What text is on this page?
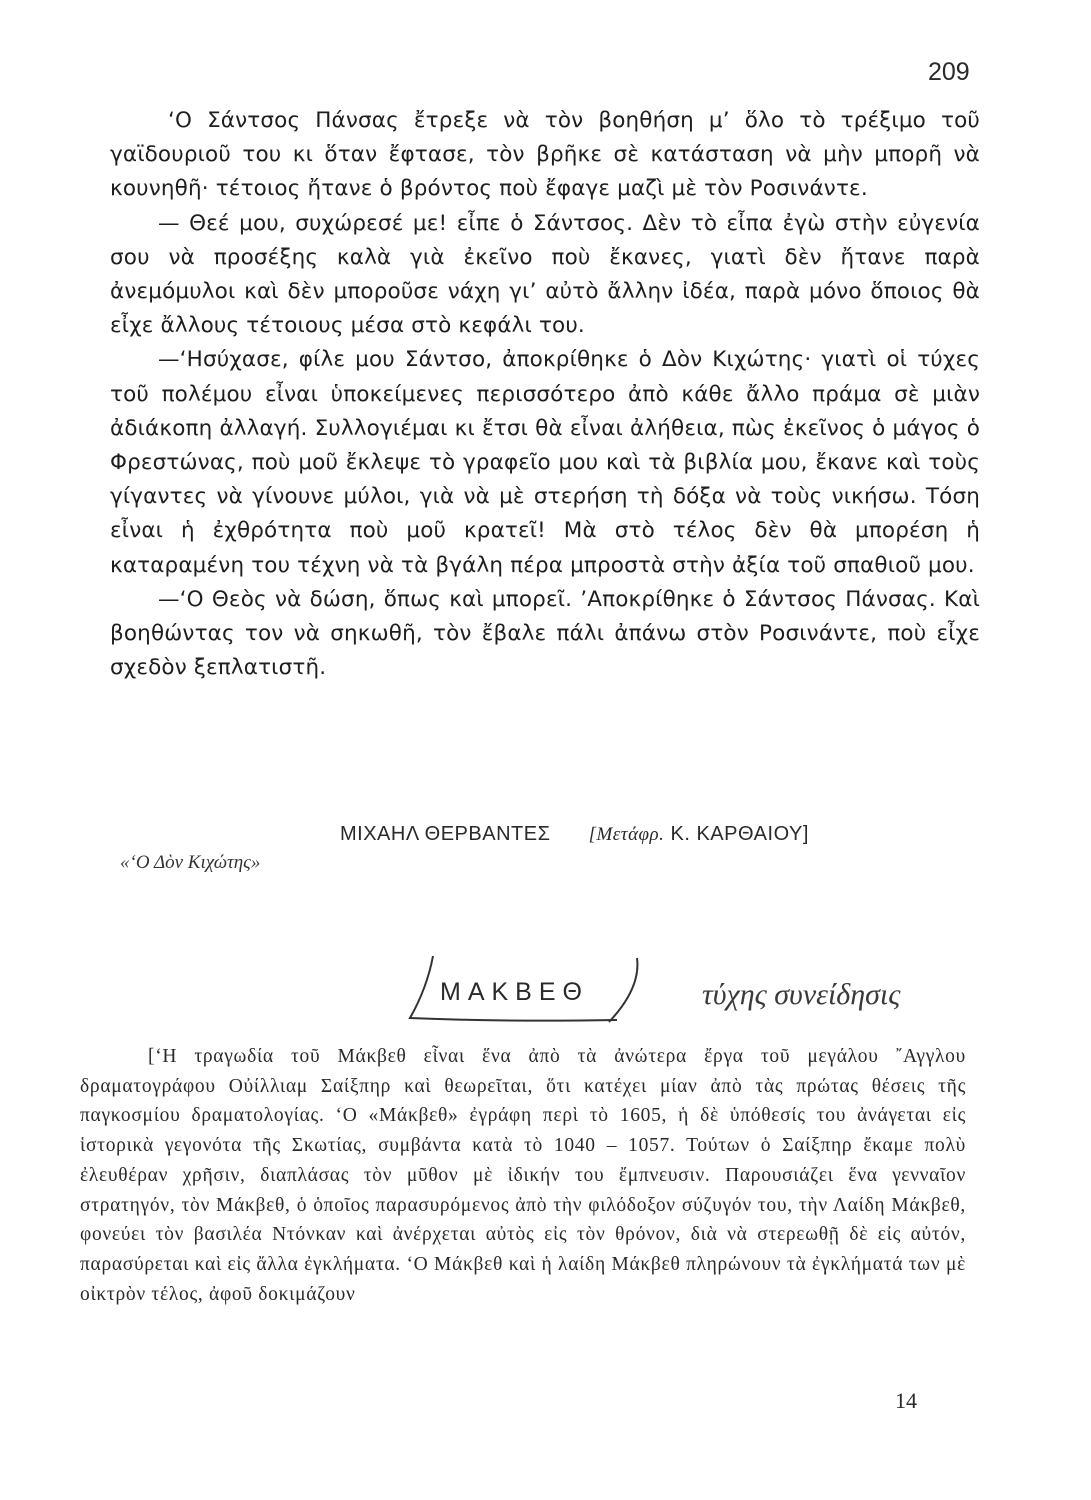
209

‘Ο Σάντσος Πάνσας ἔτρεξε νὰ τὸν βοηθήση μ’ ὅλο τὸ τρέξιμο τοῦ γαϊδουριοῦ του κι ὅταν ἔφτασε, τὸν βρῆκε σὲ κατάσταση νὰ μὴν μπορῆ νὰ κουνηθῆ· τέτοιος ἤτανε ὁ βρόντος ποὺ ἔφαγε μαζὶ μὲ τὸν Ροσινάντε.

— Θεέ μου, συχώρεσέ με! εἶπε ὁ Σάντσος. Δὲν τὸ εἶπα ἐγὼ στὴν εὐγενία σου νὰ προσέξης καλὰ γιὰ ἐκεῖνο ποὺ ἔκανες, γιατὶ δὲν ἤτανε παρὰ ἀνεμόμυλοι καὶ δὲν μποροῦσε νάχη γι’ αὐτὸ ἄλλην ἰδέα, παρὰ μόνο ὅποιος θὰ εἶχε ἄλλους τέτοιους μέσα στὸ κεφάλι του.

—‘Ησύχασε, φίλε μου Σάντσο, ἀποκρίθηκε ὁ Δὸν Κιχώτης· γιατὶ οἱ τύχες τοῦ πολέμου εἶναι ὑποκείμενες περισσότερο ἀπὸ κάθε ἄλλο πράμα σὲ μιὰν ἀδιάκοπη ἀλλαγή. Συλλογιέμαι κι ἔτσι θὰ εἶναι ἀλήθεια, πὼς ἐκεῖνος ὁ μάγος ὁ Φρεστώνας, ποὺ μοῦ ἔκλεψε τὸ γραφεῖο μου καὶ τὰ βιβλία μου, ἔκανε καὶ τοὺς γίγαντες νὰ γίνουνε μύλοι, γιὰ νὰ μὲ στερήση τὴ δόξα νὰ τοὺς νικήσω. Τόση εἶναι ἡ ἐχθρότητα ποὺ μοῦ κρατεῖ! Μὰ στὸ τέλος δὲν θὰ μπορέση ἡ καταραμένη του τέχνη νὰ τὰ βγάλη πέρα μπροστὰ στὴν ἀξία τοῦ σπαθιοῦ μου.

—‘Ο Θεὸς νὰ δώση, ὅπως καὶ μπορεῖ. ’Αποκρίθηκε ὁ Σάντσος Πάνσας. Καὶ βοηθώντας τον νὰ σηκωθῆ, τὸν ἔβαλε πάλι ἀπάνω στὸν Ροσινάντε, ποὺ εἶχε σχεδὸν ξεπλατιστῆ.

ΜΙΧΑΗΛ ΘΕΡΒΑΝΤΕΣ [Μετάφρ. Κ. ΚΑΡΘΑΙΟΥ]
«‘Ο Δὸν Κιχώτης»
ΜΑΚΒΕΘ	τύχης συνείδησις

[‘Η τραγωδία τοῦ Μάκβεθ εἶναι ἕνα ἀπὸ τὰ ἀνώτερα ἔργα τοῦ μεγάλου ῎Αγγλου δραματογράφου Οὐίλλιαμ Σαίξπηρ καὶ θεωρεῖται, ὅτι κατέχει μίαν ἀπὸ τὰς πρώτας θέσεις τῆς παγκοσμίου δραματολογίας. ‘Ο «Μάκβεθ» ἐγράφη περὶ τὸ 1605, ἡ δὲ ὑπόθεσίς του ἀνάγεται εἰς ἱστορικὰ γεγονότα τῆς Σκωτίας, συμβάντα κατὰ τὸ 1040 – 1057. Τούτων ὁ Σαίξπηρ ἔκαμε πολὺ ἐλευθέραν χρῆσιν, διαπλάσας τὸν μῦθον μὲ ἰδικήν του ἔμπνευσιν. Παρουσιάζει ἕνα γενναῖον στρατηγόν, τὸν Μάκβεθ, ὁ ὁποῖος παρασυρόμενος ἀπὸ τὴν φιλόδοξον σύζυγόν του, τὴν Λαίδη Μάκβεθ, φονεύει τὸν βασιλέα Ντόνκαν καὶ ἀνέρχεται αὐτὸς εἰς τὸν θρόνον, διὰ νὰ στερεωθῇ δὲ εἰς αὐτόν, παρασύρεται καὶ εἰς ἄλλα ἐγκλήματα. ‘Ο Μάκβεθ καὶ ἡ λαίδη Μάκβεθ πληρώνουν τὰ ἐγκλήματά των μὲ οἰκτρὸν τέλος, ἀφοῦ δοκιμάζουν

14
